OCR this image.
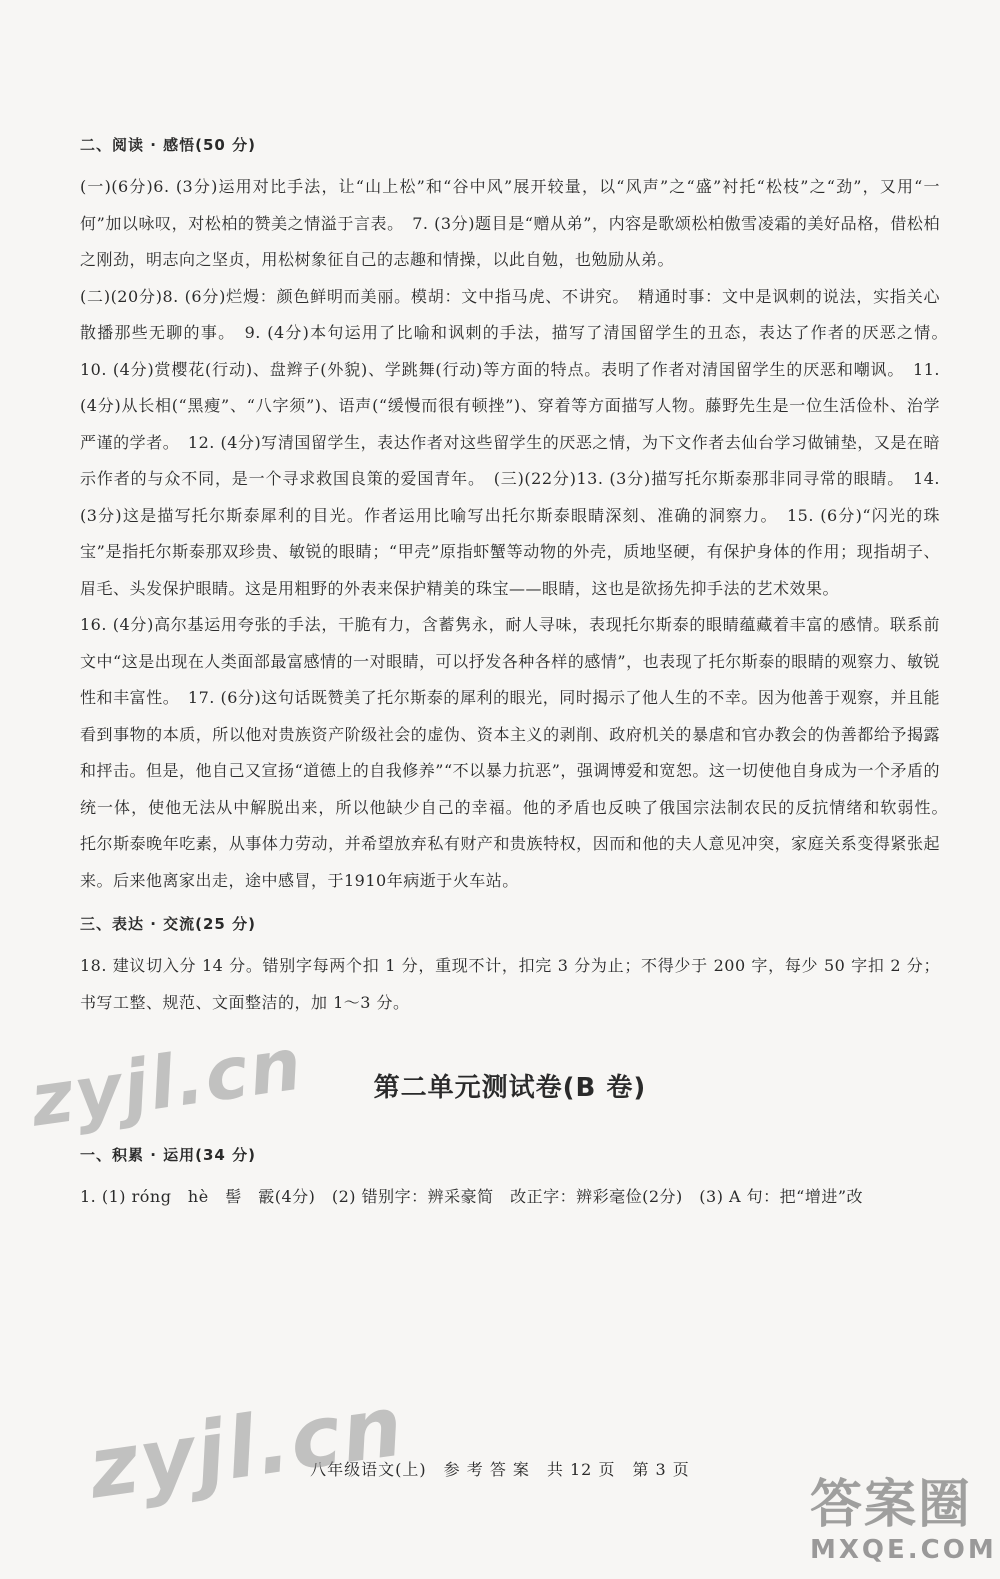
二、阅读 · 感悟(50 分)

(一)(6分)6. (3分)运用对比手法，让“山上松”和“谷中风”展开较量，以“风声”之“盛”衬托“松枝”之“劲”，又用“一何”加以咏叹，对松柏的赞美之情溢于言表。　7. (3分)题目是“赠从弟”，内容是歌颂松柏傲雪凌霜的美好品格，借松柏之刚劲，明志向之坚贞，用松树象征自己的志趣和情操，以此自勉，也勉励从弟。

(二)(20分)8. (6分)烂熳：颜色鲜明而美丽。模胡：文中指马虎、不讲究。　精通时事：文中是讽刺的说法，实指关心散播那些无聊的事。　9. (4分)本句运用了比喻和讽刺的手法，描写了清国留学生的丑态，表达了作者的厌恶之情。　10. (4分)赏樱花(行动)、盘辫子(外貌)、学跳舞(行动)等方面的特点。表明了作者对清国留学生的厌恶和嘲讽。　11. (4分)从长相(“黑瘦”、“八字须”)、语声(“缓慢而很有顿挫”)、穿着等方面描写人物。藤野先生是一位生活俭朴、治学严谨的学者。　12. (4分)写清国留学生，表达作者对这些留学生的厌恶之情，为下文作者去仙台学习做铺垫，又是在暗示作者的与众不同，是一个寻求救国良策的爱国青年。　(三)(22分)13. (3分)描写托尔斯泰那非同寻常的眼睛。　14. (3分)这是描写托尔斯泰犀利的目光。作者运用比喻写出托尔斯泰眼睛深刻、准确的洞察力。　15. (6分)“闪光的珠宝”是指托尔斯泰那双珍贵、敏锐的眼睛；“甲壳”原指虾蟹等动物的外壳，质地坚硬，有保护身体的作用；现指胡子、眉毛、头发保护眼睛。这是用粗野的外表来保护精美的珠宝——眼睛，这也是欲扬先抑手法的艺术效果。

16. (4分)高尔基运用夸张的手法，干脆有力，含蓄隽永，耐人寻味，表现托尔斯泰的眼睛蕴藏着丰富的感情。联系前文中“这是出现在人类面部最富感情的一对眼睛，可以抒发各种各样的感情”，也表现了托尔斯泰的眼睛的观察力、敏锐性和丰富性。　17. (6分)这句话既赞美了托尔斯泰的犀利的眼光，同时揭示了他人生的不幸。因为他善于观察，并且能看到事物的本质，所以他对贵族资产阶级社会的虚伪、资本主义的剥削、政府机关的暴虐和官办教会的伪善都给予揭露和抨击。但是，他自己又宣扬“道德上的自我修养”“不以暴力抗恶”，强调博爱和宽恕。这一切使他自身成为一个矛盾的统一体，使他无法从中解脱出来，所以他缺少自己的幸福。他的矛盾也反映了俄国宗法制农民的反抗情绪和软弱性。　托尔斯泰晚年吃素，从事体力劳动，并希望放弃私有财产和贵族特权，因而和他的夫人意见冲突，家庭关系变得紧张起来。后来他离家出走，途中感冒，于1910年病逝于火车站。

三、表达 · 交流(25 分)

18. 建议切入分 14 分。错别字每两个扣 1 分，重现不计，扣完 3 分为止；不得少于 200 字，每少 50 字扣 2 分；书写工整、规范、文面整洁的，加 1～3 分。

第二单元测试卷(B 卷)

一、积累 · 运用(34 分)

1. (1) róng　hè　髻　霰(4分)　(2) 错别字：辨采豪简　改正字：辨彩毫俭(2分)　(3) A 句：把“增进”改

八年级语文(上)　参 考 答 案　共 12 页　第 3 页
zyjl.cn
zyjl.cn	答案圈
MXQE.COM
